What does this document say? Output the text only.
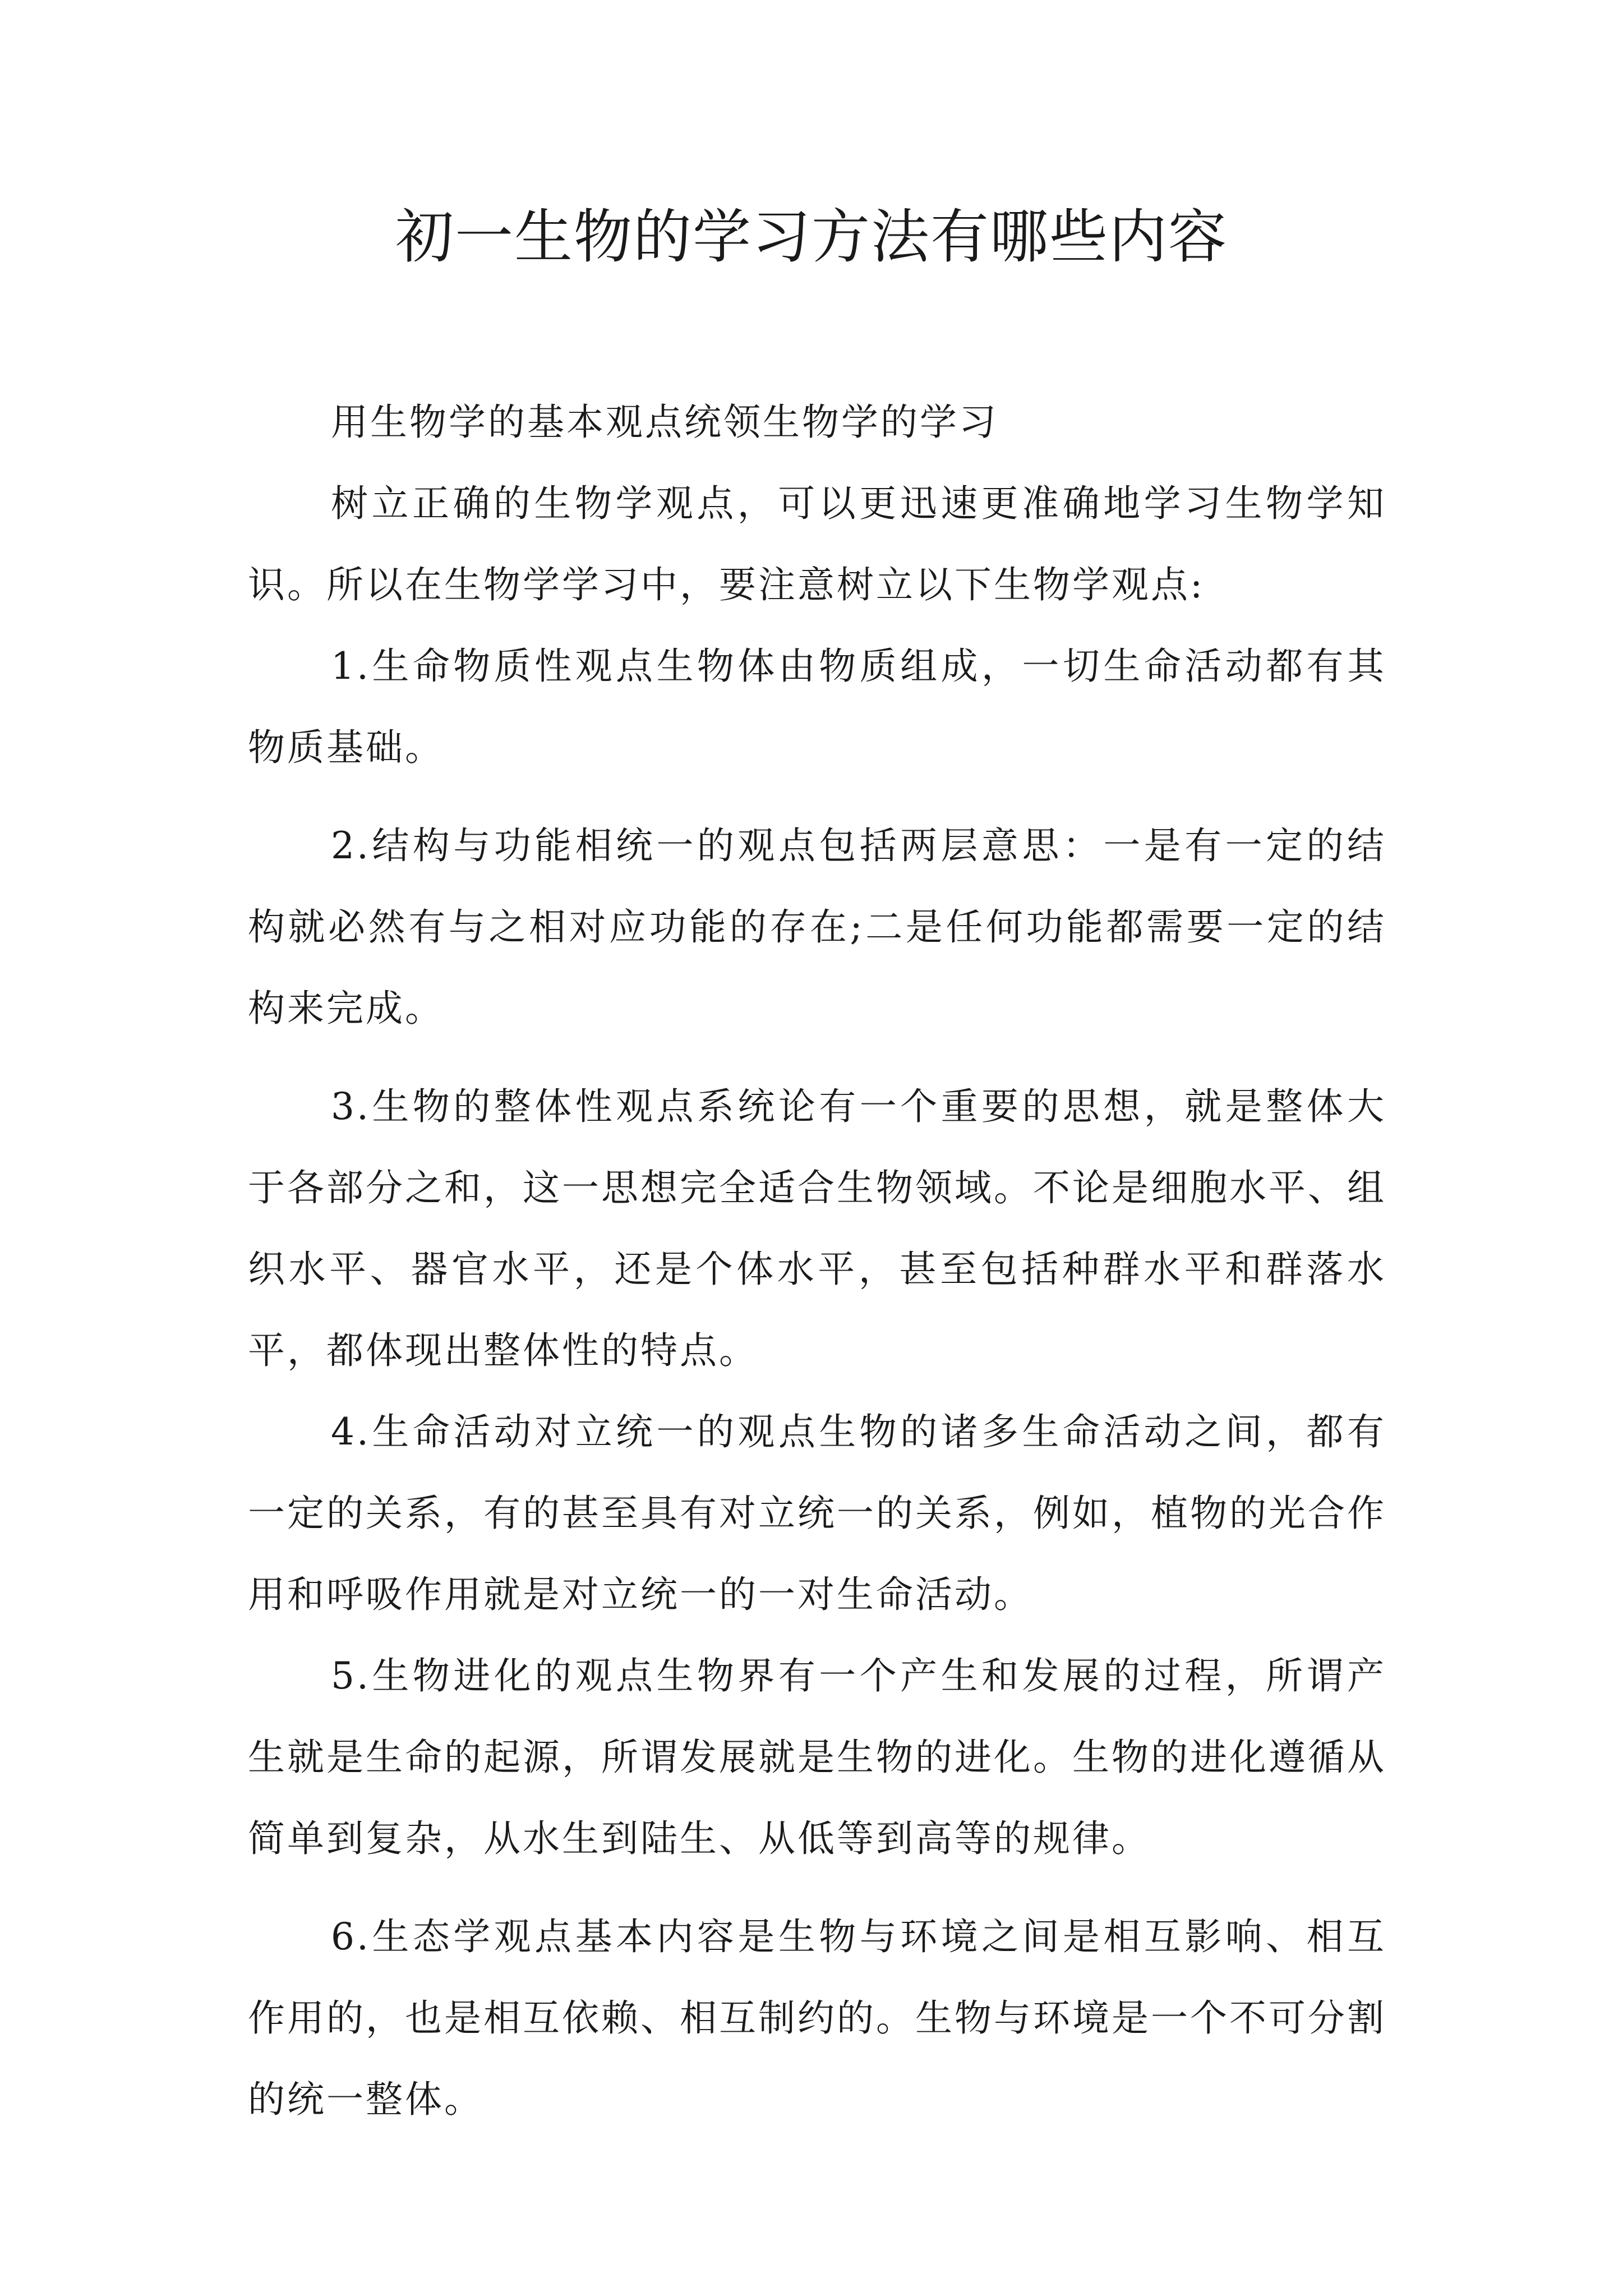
初一生物的学习方法有哪些内容

用生物学的基本观点统领生物学的学习

树立正确的生物学观点，可以更迅速更准确地学习生物学知识。所以在生物学学习中，要注意树立以下生物学观点:

1.生命物质性观点生物体由物质组成，一切生命活动都有其物质基础。

2.结构与功能相统一的观点包括两层意思：一是有一定的结构就必然有与之相对应功能的存在;二是任何功能都需要一定的结构来完成。

3.生物的整体性观点系统论有一个重要的思想，就是整体大于各部分之和，这一思想完全适合生物领域。不论是细胞水平、组织水平、器官水平，还是个体水平，甚至包括种群水平和群落水平，都体现出整体性的特点。

4.生命活动对立统一的观点生物的诸多生命活动之间，都有一定的关系，有的甚至具有对立统一的关系，例如，植物的光合作用和呼吸作用就是对立统一的一对生命活动。

5.生物进化的观点生物界有一个产生和发展的过程，所谓产生就是生命的起源，所谓发展就是生物的进化。生物的进化遵循从简单到复杂，从水生到陆生、从低等到高等的规律。

6.生态学观点基本内容是生物与环境之间是相互影响、相互作用的，也是相互依赖、相互制约的。生物与环境是一个不可分割的统一整体。
